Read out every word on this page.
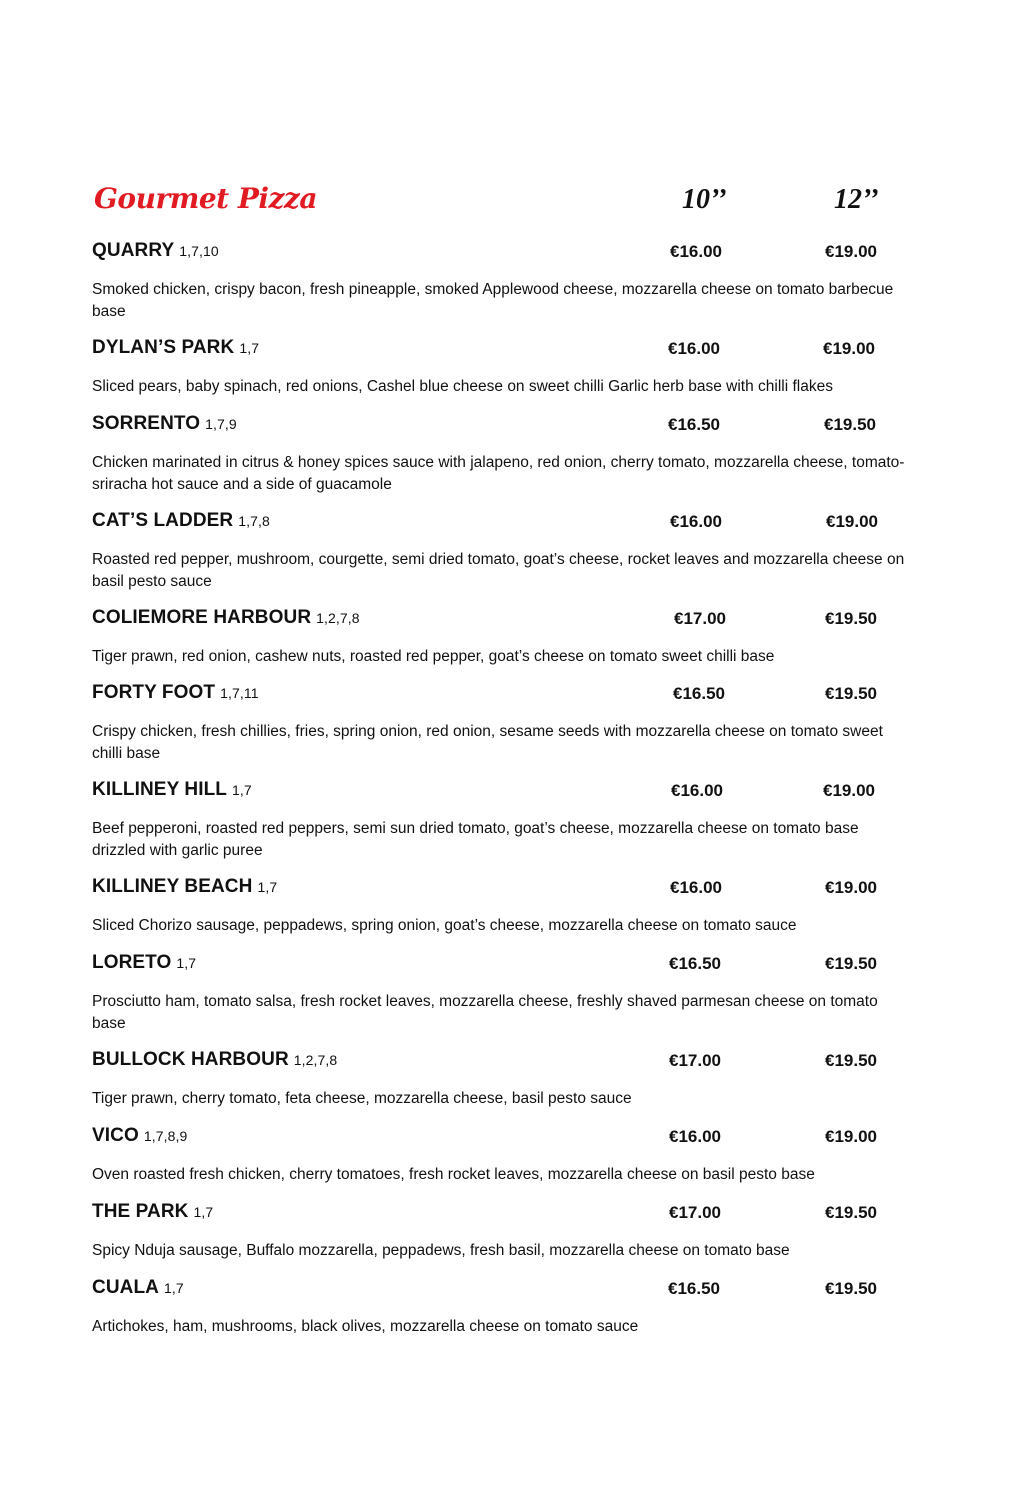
Gourmet Pizza	10’’	12’’
QUARRY 1,7,10	€16.00	€19.00
Smoked chicken, crispy bacon, fresh pineapple, smoked Applewood cheese, mozzarella cheese on tomato barbecue base
DYLAN’S PARK 1,7	€16.00	€19.00
Sliced pears, baby spinach, red onions, Cashel blue cheese on sweet chilli Garlic herb base with chilli flakes
SORRENTO 1,7,9	€16.50	€19.50
Chicken marinated in citrus & honey spices sauce with jalapeno, red onion, cherry tomato, mozzarella cheese, tomato-sriracha hot sauce and a side of guacamole
CAT’S LADDER 1,7,8	€16.00	€19.00
Roasted red pepper, mushroom, courgette, semi dried tomato, goat’s cheese, rocket leaves and mozzarella cheese on basil pesto sauce
COLIEMORE HARBOUR 1,2,7,8	€17.00	€19.50
Tiger prawn, red onion, cashew nuts, roasted red pepper, goat’s cheese on tomato sweet chilli base
FORTY FOOT 1,7,11	€16.50	€19.50
Crispy chicken, fresh chillies, fries, spring onion, red onion, sesame seeds with mozzarella cheese on tomato sweet chilli base
KILLINEY HILL 1,7	€16.00	€19.00
Beef pepperoni, roasted red peppers, semi sun dried tomato, goat’s cheese, mozzarella cheese on tomato base drizzled with garlic puree
KILLINEY BEACH 1,7	€16.00	€19.00
Sliced Chorizo sausage, peppadews, spring onion, goat’s cheese, mozzarella cheese on tomato sauce
LORETO 1,7	€16.50	€19.50
Prosciutto ham, tomato salsa, fresh rocket leaves, mozzarella cheese, freshly shaved parmesan cheese on tomato base
BULLOCK HARBOUR 1,2,7,8	€17.00	€19.50
Tiger prawn, cherry tomato, feta cheese, mozzarella cheese, basil pesto sauce
VICO 1,7,8,9	€16.00	€19.00
Oven roasted fresh chicken, cherry tomatoes, fresh rocket leaves, mozzarella cheese on basil pesto base
THE PARK 1,7	€17.00	€19.50
Spicy Nduja sausage, Buffalo mozzarella, peppadews, fresh basil, mozzarella cheese on tomato base
CUALA 1,7	€16.50	€19.50
Artichokes, ham, mushrooms, black olives, mozzarella cheese on tomato sauce
